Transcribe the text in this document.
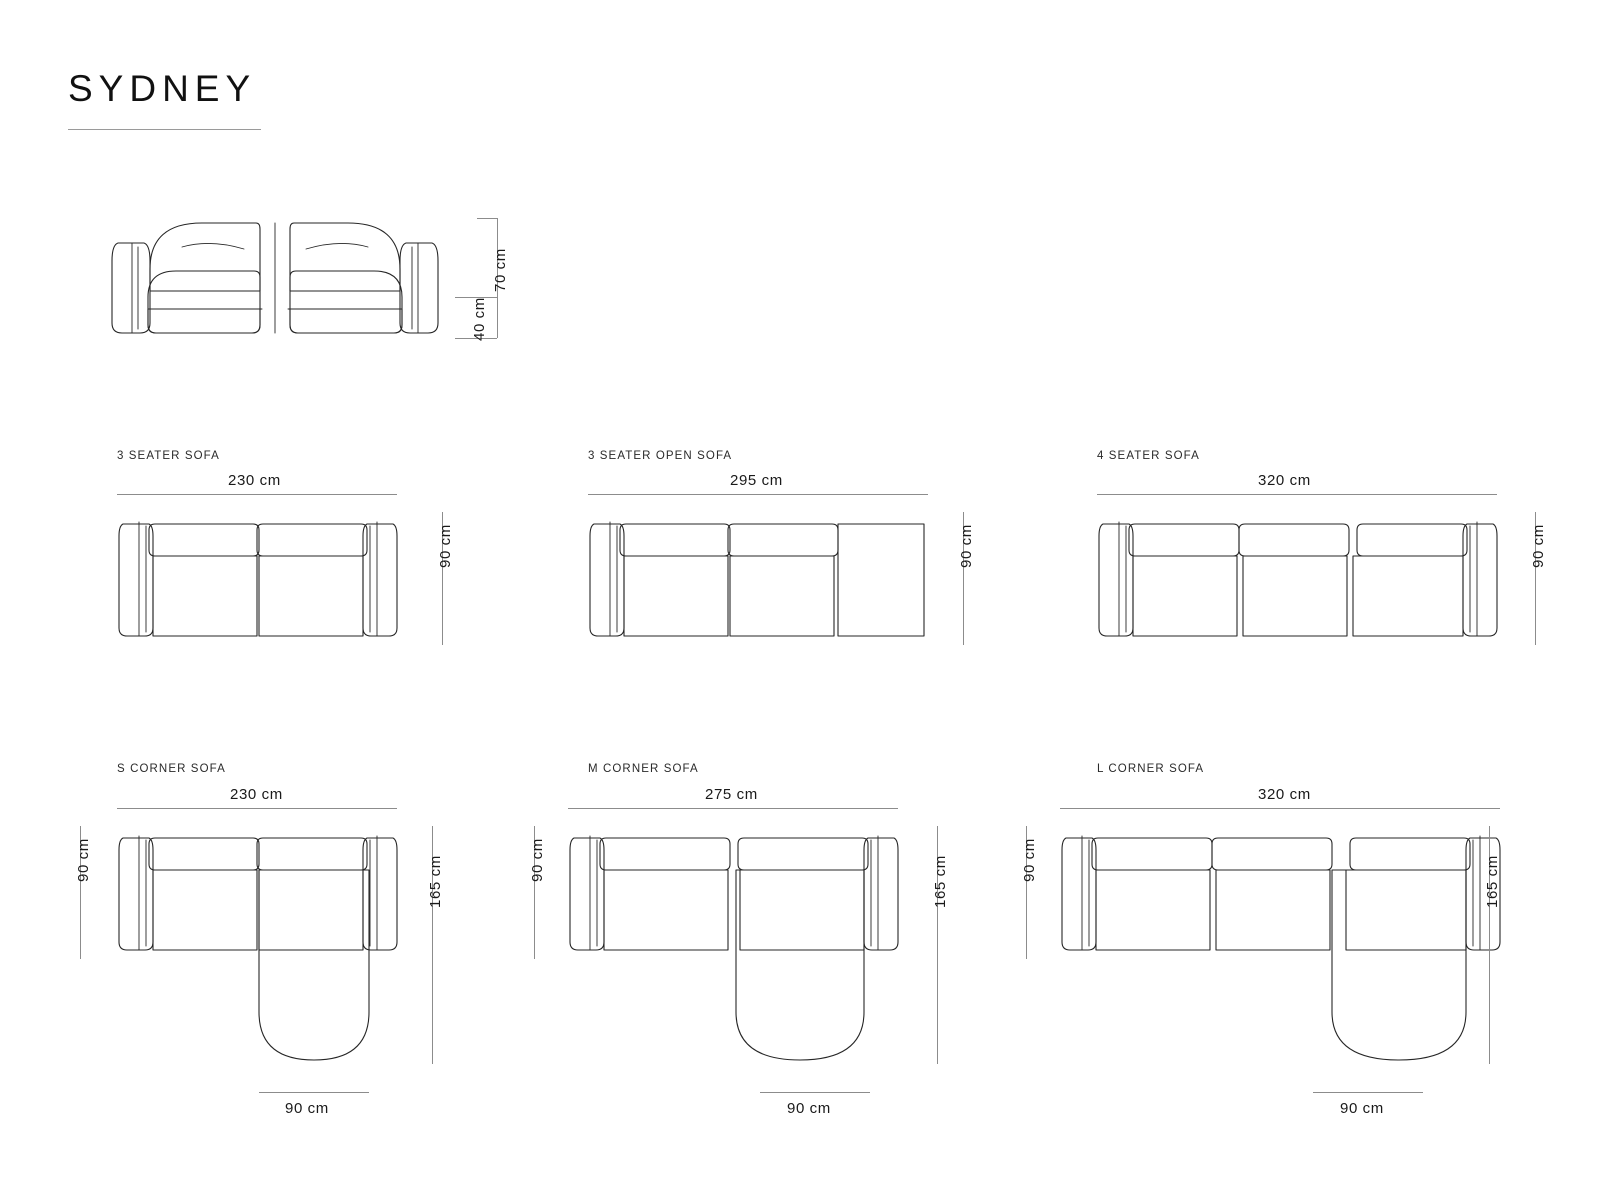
SYDNEY
70 cm
40 cm
3 SEATER SOFA
230 cm
90 cm
3 SEATER OPEN SOFA
295 cm
90 cm
4 SEATER SOFA
320 cm
90 cm
S CORNER SOFA
230 cm
90 cm	165 cm
90 cm
M CORNER SOFA
275 cm
90 cm	165 cm
90 cm
L CORNER SOFA
320 cm
90 cm	165 cm
90 cm
